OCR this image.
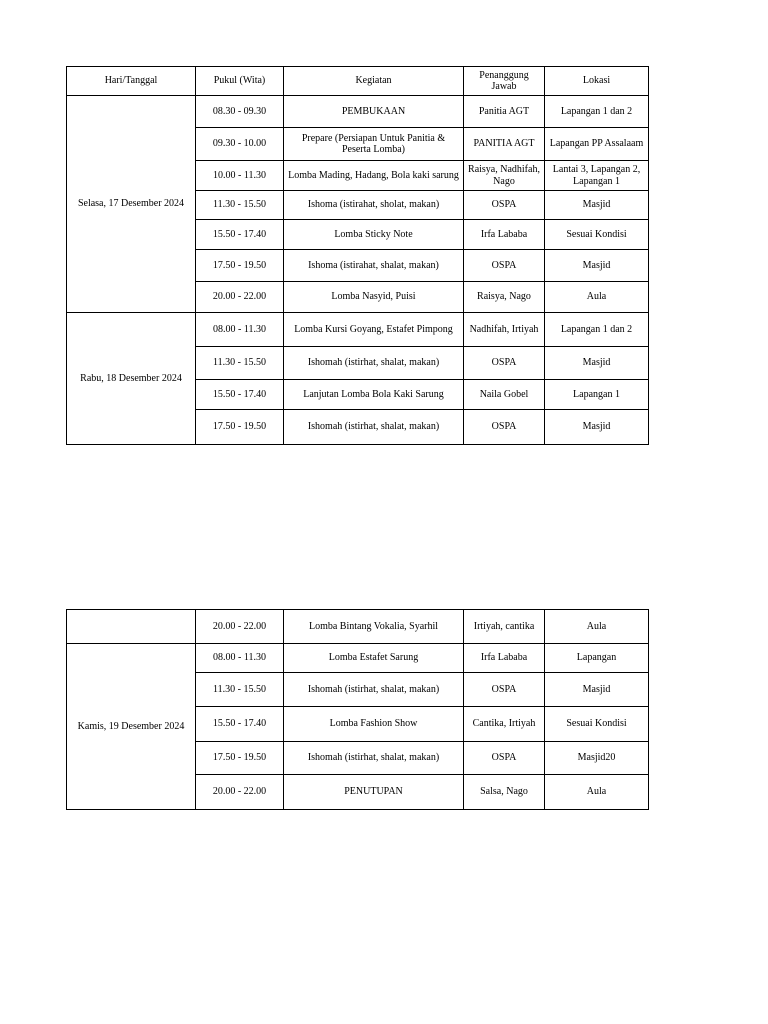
Hari/Tanggal	Pukul (Wita)	Kegiatan	Penanggung Jawab	Lokasi
Selasa, 17 Desember 2024	08.30 - 09.30	PEMBUKAAN	Panitia AGT	Lapangan 1 dan 2
	09.30 - 10.00	Prepare (Persiapan Untuk Panitia & Peserta Lomba)	PANITIA AGT	Lapangan PP Assalaam
	10.00 - 11.30	Lomba Mading, Hadang, Bola kaki sarung	Raisya, Nadhifah, Nago	Lantai 3, Lapangan 2, Lapangan 1
	11.30 - 15.50	Ishoma (istirahat, sholat, makan)	OSPA	Masjid
	15.50 - 17.40	Lomba Sticky Note	Irfa Lababa	Sesuai Kondisi
	17.50 - 19.50	Ishoma (istirahat, shalat, makan)	OSPA	Masjid
	20.00 - 22.00	Lomba Nasyid, Puisi	Raisya, Nago	Aula
Rabu, 18 Desember 2024	08.00 - 11.30	Lomba Kursi Goyang, Estafet Pimpong	Nadhifah, Irtiyah	Lapangan 1 dan 2
	11.30 - 15.50	Ishomah (istirhat, shalat, makan)	OSPA	Masjid
	15.50 - 17.40	Lanjutan Lomba Bola Kaki Sarung	Naila Gobel	Lapangan 1
	17.50 - 19.50	Ishomah (istirhat, shalat, makan)	OSPA	Masjid
	20.00 - 22.00	Lomba Bintang Vokalia, Syarhil	Irtiyah, cantika	Aula
Kamis, 19 Desember 2024	08.00 - 11.30	Lomba Estafet Sarung	Irfa Lababa	Lapangan
	11.30 - 15.50	Ishomah (istirhat, shalat, makan)	OSPA	Masjid
	15.50 - 17.40	Lomba Fashion Show	Cantika, Irtiyah	Sesuai Kondisi
	17.50 - 19.50	Ishomah (istirhat, shalat, makan)	OSPA	Masjid20
	20.00 - 22.00	PENUTUPAN	Salsa, Nago	Aula
